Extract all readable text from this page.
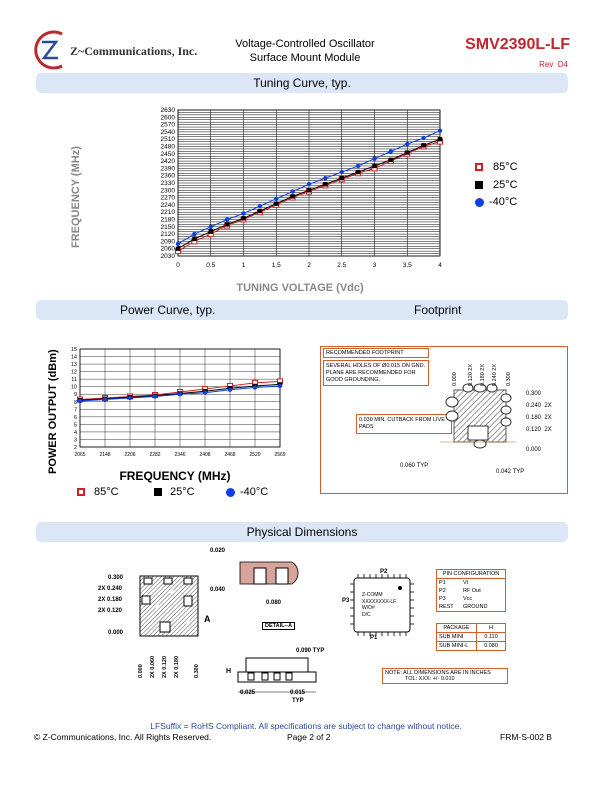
Z~Communications, Inc.	Voltage-Controlled Oscillator
Surface Mount Module
SMV2390L-LF
Rev  D4
Tuning Curve, typ.
Power Curve, typ.	Footprint
Physical Dimensions
2030
2060
2090
2120
2150
2180
2210
2240
2270
2300
2330
2360
2390
2420
2450
2480
2510
2540
2570
2600
2630
0	0.5	1	1.5	2	2.5	3	3.5	4
FREQUENCY (MHz)
TUNING VOLTAGE (Vdc)
85°C
25°C
-40°C
2
3
4
5
6
7
8
9
10
11
12
13
14
15
2065	2148	2206	2282	2346	2408	2468	2520	2569
POWER OUTPUT (dBm)
FREQUENCY (MHz)
85°C	25°C	-40°C
RECOMMENDED FOOTPRINT
SEVERAL HOLES OF Ø0.015 ON GND. PLANE ARE RECOMMENDED FOR GOOD GROUNDING.
0.030 MIN. CUTBACK FROM LIVE PADS
0.000 0.120 2X 0.180 2X 0.240 2X 0.300
0.300
0.240  2X
0.180  2X
0.120  2X
0.000
0.060 TYP
0.042 TYP
0.300
2X 0.240
2X 0.180
2X 0.120
0.000
A
0.000 2X 0.060 2X 0.120 2X 0.180	0.300
0.020
0.040
0.080
DETAIL--A
0.090 TYP
H
0.025	0.015
TYP
P2
P3
P1
Z-COMM
XXXXXXXX-LF
W/O#
D/C
PIN CONFIGURATION
P1	Vt
P2	RF Out
P3	Vcc
REST	GROUND
PACKAGE	H
SUB MINI	0.110
SUB MINI-L	0.080
NOTE: ALL DIMENSIONS ARE IN INCHES
TOL: XXX: +/- 0.010
LFSuffix = RoHS Compliant. All specifications are subject to change without notice.
© Z-Communications, Inc. All Rights Reserved.	Page 2 of 2	FRM-S-002 B
